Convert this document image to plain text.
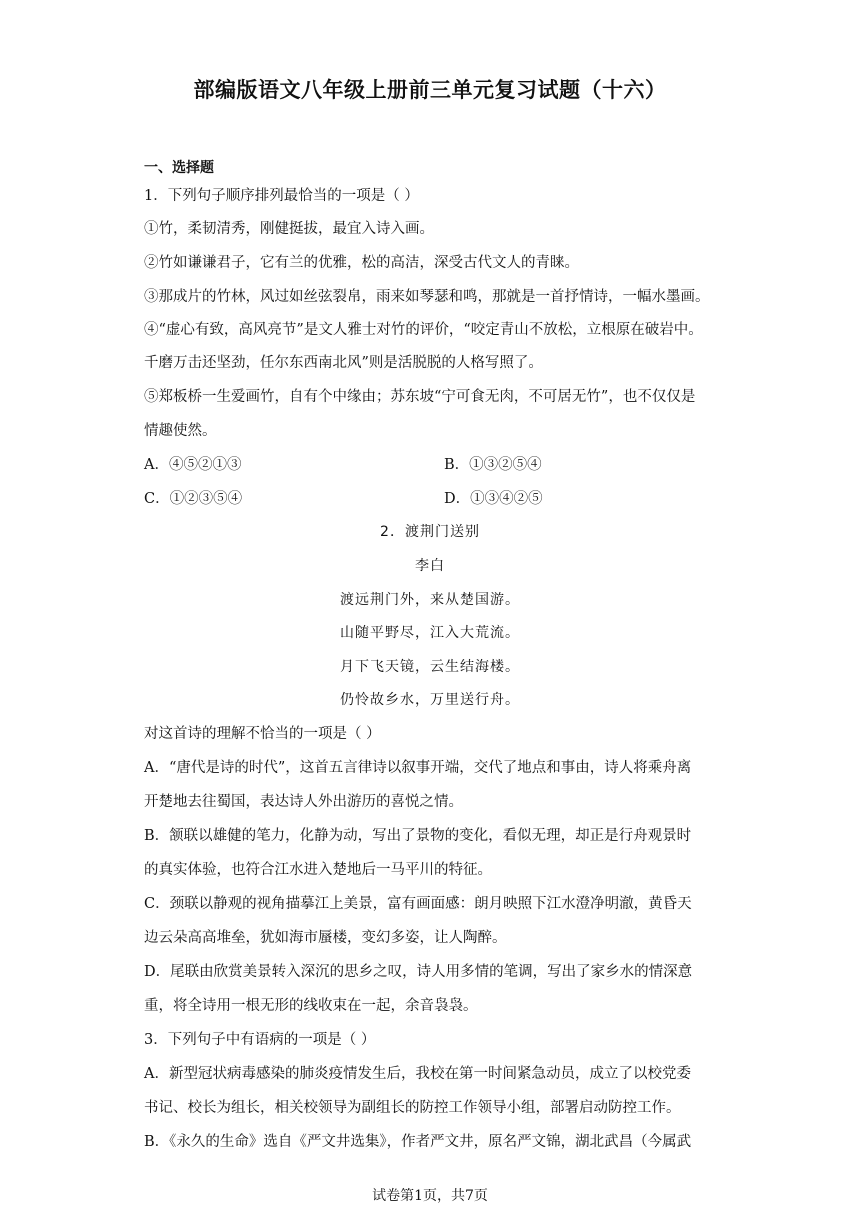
部编版语文八年级上册前三单元复习试题（十六）
一、选择题
1．下列句子顺序排列最恰当的一项是（ ）
①竹，柔韧清秀，刚健挺拔，最宜入诗入画。
②竹如谦谦君子，它有兰的优雅，松的高洁，深受古代文人的青睐。
③那成片的竹林，风过如丝弦裂帛，雨来如琴瑟和鸣，那就是一首抒情诗，一幅水墨画。
④“虚心有致，高风亮节”是文人雅士对竹的评价，“咬定青山不放松，立根原在破岩中。
千磨万击还坚劲，任尔东西南北风”则是活脱脱的人格写照了。
⑤郑板桥一生爱画竹，自有个中缘由；苏东坡“宁可食无肉，不可居无竹”，也不仅仅是
情趣使然。
A．④⑤②①③	B．①③②⑤④
C．①②③⑤④	D．①③④②⑤
2．渡荆门送别
李白
渡远荆门外，来从楚国游。
山随平野尽，江入大荒流。
月下飞天镜，云生结海楼。
仍怜故乡水，万里送行舟。
对这首诗的理解不恰当的一项是（ ）
A．“唐代是诗的时代”，这首五言律诗以叙事开端，交代了地点和事由，诗人将乘舟离
开楚地去往蜀国，表达诗人外出游历的喜悦之情。
B．颔联以雄健的笔力，化静为动，写出了景物的变化，看似无理，却正是行舟观景时
的真实体验，也符合江水进入楚地后一马平川的特征。
C．颈联以静观的视角描摹江上美景，富有画面感：朗月映照下江水澄净明澈，黄昏天
边云朵高高堆垒，犹如海市蜃楼，变幻多姿，让人陶醉。
D．尾联由欣赏美景转入深沉的思乡之叹，诗人用多情的笔调，写出了家乡水的情深意
重，将全诗用一根无形的线收束在一起，余音袅袅。
3．下列句子中有语病的一项是（ ）
A．新型冠状病毒感染的肺炎疫情发生后，我校在第一时间紧急动员，成立了以校党委
书记、校长为组长，相关校领导为副组长的防控工作领导小组，部署启动防控工作。
B．《永久的生命》选自《严文井选集》，作者严文井，原名严文锦，湖北武昌（今属武
试卷第1页，共7页
